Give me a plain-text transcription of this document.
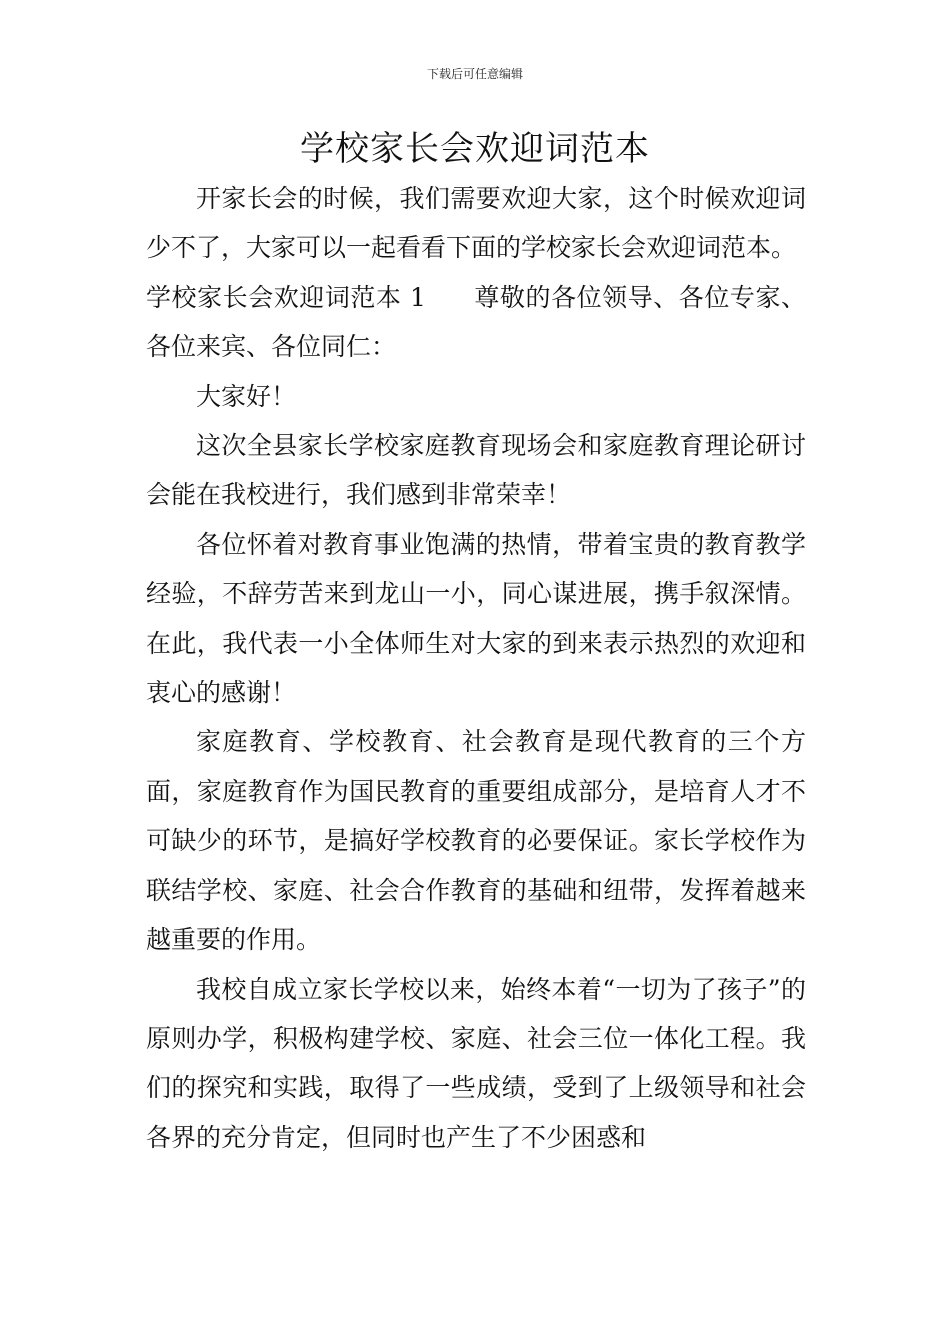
下载后可任意编辑
学校家长会欢迎词范本

开家长会的时候，我们需要欢迎大家，这个时候欢迎词少不了，大家可以一起看看下面的学校家长会欢迎词范本。

学校家长会欢迎词范本 1 尊敬的各位领导、各位专家、各位来宾、各位同仁：

大家好！

这次全县家长学校家庭教育现场会和家庭教育理论研讨会能在我校进行，我们感到非常荣幸！

各位怀着对教育事业饱满的热情，带着宝贵的教育教学经验，不辞劳苦来到龙山一小，同心谋进展，携手叙深情。在此，我代表一小全体师生对大家的到来表示热烈的欢迎和衷心的感谢！

家庭教育、学校教育、社会教育是现代教育的三个方面，家庭教育作为国民教育的重要组成部分，是培育人才不可缺少的环节，是搞好学校教育的必要保证。家长学校作为联结学校、家庭、社会合作教育的基础和纽带，发挥着越来越重要的作用。

我校自成立家长学校以来，始终本着“一切为了孩子”的原则办学，积极构建学校、家庭、社会三位一体化工程。我们的探究和实践，取得了一些成绩，受到了上级领导和社会各界的充分肯定，但同时也产生了不少困惑和
